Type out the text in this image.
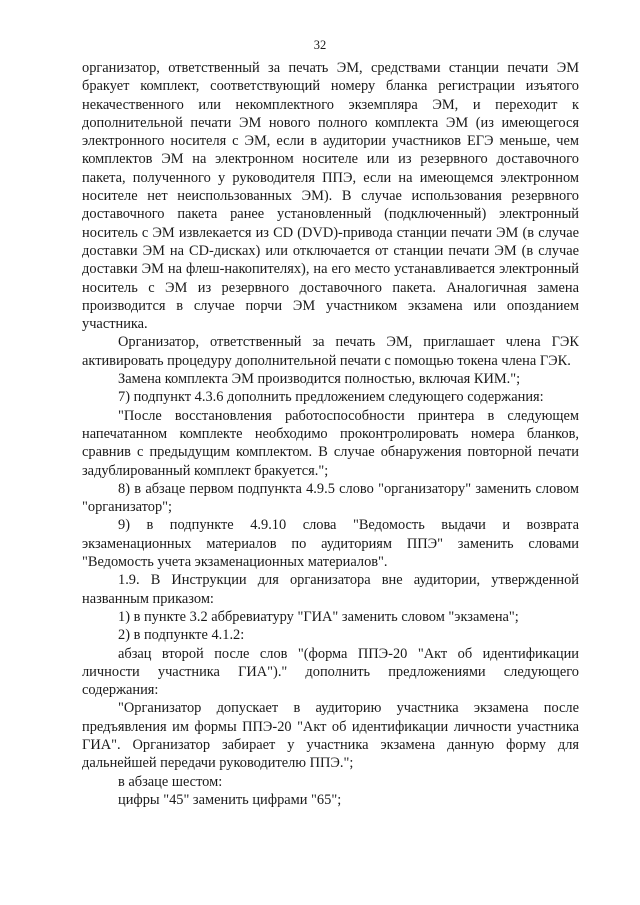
32

организатор, ответственный за печать ЭМ, средствами станции печати ЭМ бракует комплект, соответствующий номеру бланка регистрации изъятого некачественного или некомплектного экземпляра ЭМ, и переходит к дополнительной печати ЭМ нового полного комплекта ЭМ (из имеющегося электронного носителя с ЭМ, если в аудитории участников ЕГЭ меньше, чем комплектов ЭМ на электронном носителе или из резервного доставочного пакета, полученного у руководителя ППЭ, если на имеющемся электронном носителе нет неиспользованных ЭМ). В случае использования резервного доставочного пакета ранее установленный (подключенный) электронный носитель с ЭМ извлекается из CD (DVD)-привода станции печати ЭМ (в случае доставки ЭМ на CD-дисках) или отключается от станции печати ЭМ (в случае доставки ЭМ на флеш-накопителях), на его место устанавливается электронный носитель с ЭМ из резервного доставочного пакета. Аналогичная замена производится в случае порчи ЭМ участником экзамена или опозданием участника.

Организатор, ответственный за печать ЭМ, приглашает члена ГЭК активировать процедуру дополнительной печати с помощью токена члена ГЭК.

Замена комплекта ЭМ производится полностью, включая КИМ.";

7) подпункт 4.3.6 дополнить предложением следующего содержания:

"После восстановления работоспособности принтера в следующем напечатанном комплекте необходимо проконтролировать номера бланков, сравнив с предыдущим комплектом. В случае обнаружения повторной печати задублированный комплект бракуется.";

8) в абзаце первом подпункта 4.9.5 слово "организатору" заменить словом "организатор";

9) в подпункте 4.9.10 слова "Ведомость выдачи и возврата экзаменационных материалов по аудиториям ППЭ" заменить словами "Ведомость учета экзаменационных материалов".

1.9. В Инструкции для организатора вне аудитории, утвержденной названным приказом:

1) в пункте 3.2 аббревиатуру "ГИА" заменить словом "экзамена";

2) в подпункте 4.1.2:

абзац второй после слов "(форма ППЭ-20 "Акт об идентификации личности участника ГИА")." дополнить предложениями следующего содержания:

"Организатор допускает в аудиторию участника экзамена после предъявления им формы ППЭ-20 "Акт об идентификации личности участника ГИА". Организатор забирает у участника экзамена данную форму для дальнейшей передачи руководителю ППЭ.";

в абзаце шестом:

цифры "45" заменить цифрами "65";
